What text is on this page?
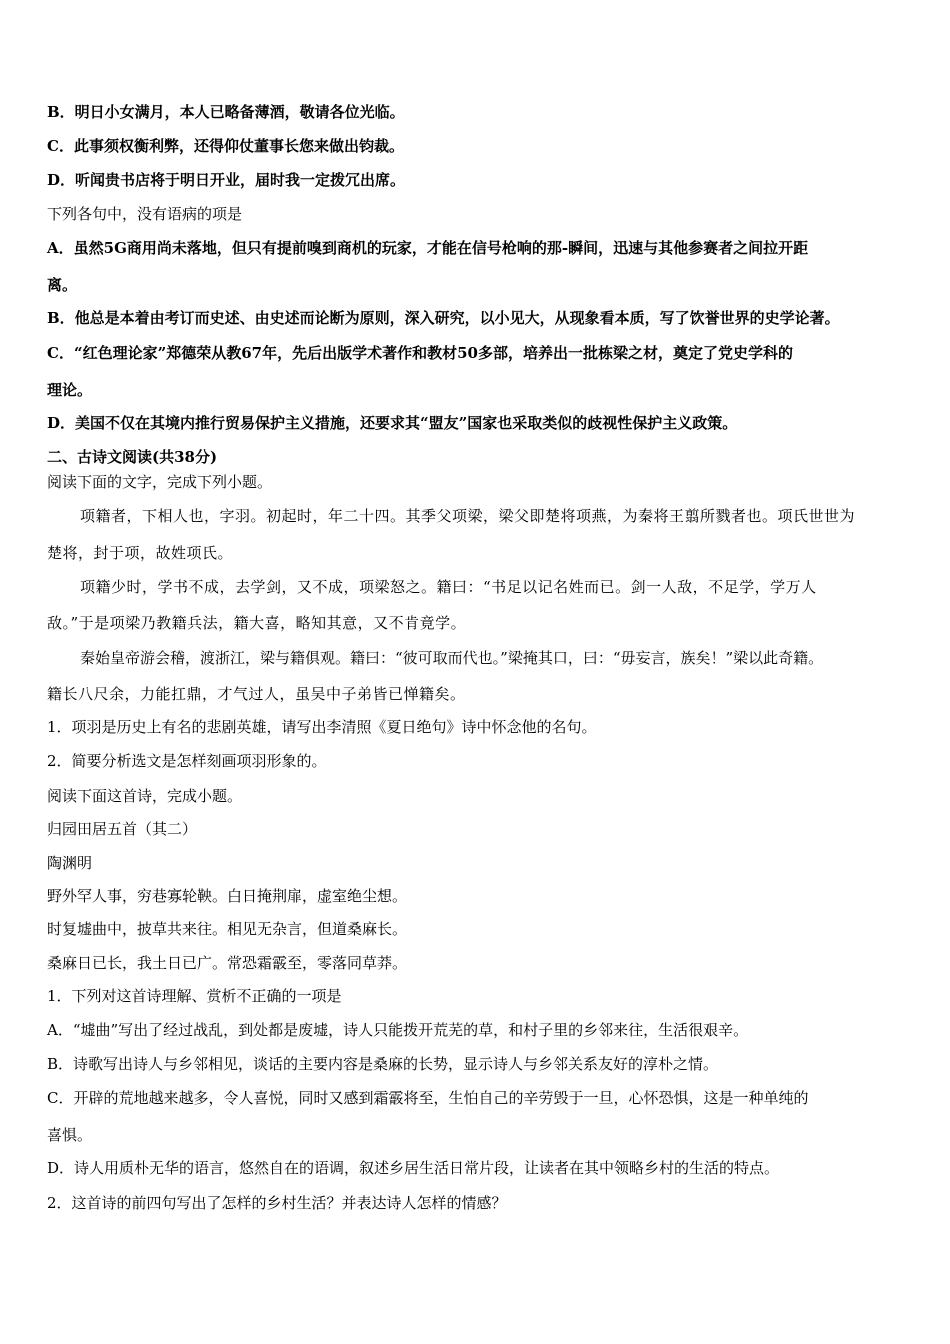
B．明日小女满月，本人已略备薄酒，敬请各位光临。
C．此事须权衡利弊，还得仰仗董事长您来做出钧裁。
D．听闻贵书店将于明日开业，届时我一定拨冗出席。
下列各句中，没有语病的项是
A．虽然5G商用尚未落地，但只有提前嗅到商机的玩家，才能在信号枪响的那-瞬间，迅速与其他参赛者之间拉开距
离。
B．他总是本着由考订而史述、由史述而论断为原则，深入研究，以小见大，从现象看本质，写了饮誉世界的史学论著。
C．“红色理论家”郑德荣从教67年，先后出版学术著作和教材50多部，培养出一批栋梁之材，奠定了党史学科的
理论。
D．美国不仅在其境内推行贸易保护主义措施，还要求其“盟友”国家也采取类似的歧视性保护主义政策。
二、古诗文阅读(共38分)
阅读下面的文字，完成下列小题。
项籍者，下相人也，字羽。初起时，年二十四。其季父项梁，梁父即楚将项燕，为秦将王翦所戮者也。项氏世世为
楚将，封于项，故姓项氏。
项籍少时，学书不成，去学剑，又不成，项梁怒之。籍曰：“书足以记名姓而已。剑一人敌，不足学，学万人
敌。”于是项梁乃教籍兵法，籍大喜，略知其意，又不肯竟学。
秦始皇帝游会稽，渡浙江，梁与籍俱观。籍曰：“彼可取而代也。”梁掩其口，曰：“毋妄言，族矣！”梁以此奇籍。
籍长八尺余，力能扛鼎，才气过人，虽吴中子弟皆已惮籍矣。
1．项羽是历史上有名的悲剧英雄，请写出李清照《夏日绝句》诗中怀念他的名句。
2．简要分析选文是怎样刻画项羽形象的。
阅读下面这首诗，完成小题。
归园田居五首（其二）
陶渊明
野外罕人事，穷巷寡轮鞅。白日掩荆扉，虚室绝尘想。
时复墟曲中，披草共来往。相见无杂言，但道桑麻长。
桑麻日已长，我土日已广。常恐霜霰至，零落同草莽。
1．下列对这首诗理解、赏析不正确的一项是
A．“墟曲”写出了经过战乱，到处都是废墟，诗人只能拨开荒芜的草，和村子里的乡邻来往，生活很艰辛。
B．诗歌写出诗人与乡邻相见，谈话的主要内容是桑麻的长势，显示诗人与乡邻关系友好的淳朴之情。
C．开辟的荒地越来越多，令人喜悦，同时又感到霜霰将至，生怕自己的辛劳毁于一旦，心怀恐惧，这是一种单纯的
喜惧。
D．诗人用质朴无华的语言，悠然自在的语调，叙述乡居生活日常片段，让读者在其中领略乡村的生活的特点。
2．这首诗的前四句写出了怎样的乡村生活？并表达诗人怎样的情感？
